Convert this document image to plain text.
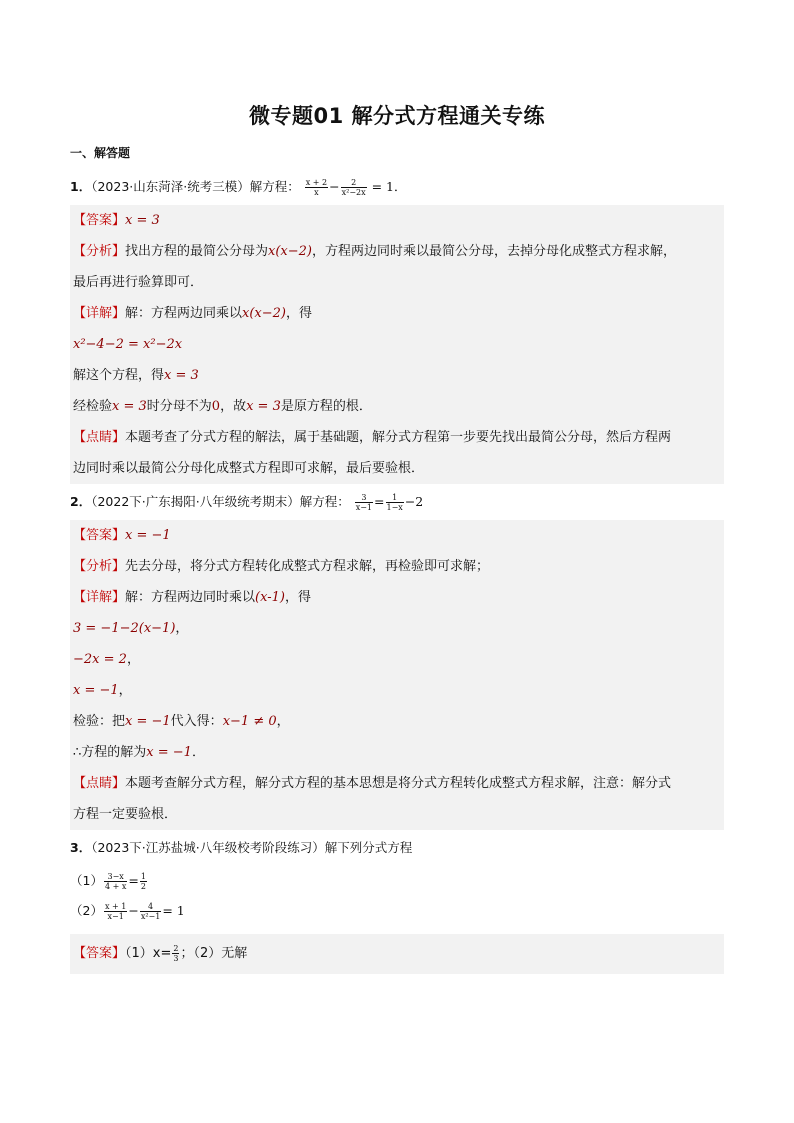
微专题01 解分式方程通关专练
一、解答题
1．（2023·山东菏泽·统考三模）解方程： $\frac{x + 2}{x} - \frac{2}{\text{x²−2x}} = 1$．
【答案】x = 3
【分析】找出方程的最简公分母为x(x−2)，方程两边同时乘以最简公分母，去掉分母化成整式方程求解，
最后再进行验算即可．
【详解】解：方程两边同乘以x(x−2)，得
x²−4−2 = x²−2x
解这个方程，得x = 3
经检验x = 3时分母不为0，故x = 3是原方程的根．
【点睛】本题考查了分式方程的解法，属于基础题，解分式方程第一步要先找出最简公分母，然后方程两
边同时乘以最简公分母化成整式方程即可求解，最后要验根．
2．（2022下·广东揭阳·八年级统考期末）解方程： $\frac{3}{x-1} = \frac{1}{1-x} -2$
【答案】x = −1
【分析】先去分母，将分式方程转化成整式方程求解，再检验即可求解；
【详解】解：方程两边同时乘以(x-1)，得
3 = −1−2(x−1)，
−2x = 2，
x = −1，
检验：把x = −1代入得：x−1 ≠ 0，
∴方程的解为x = −1．
【点睛】本题考查解分式方程，解分式方程的基本思想是将分式方程转化成整式方程求解，注意：解分式
方程一定要验根．
3．（2023下·江苏盐城·八年级校考阶段练习）解下列分式方程
$(1) \frac{3-x}{4 + x} = \frac{1}{2}$
$(2) \frac{x + 1}{x-1} - \frac{4}{\text{x²−1}} = 1$
【答案】$(1)x= \frac{2}{3}$ ；（2）无解
